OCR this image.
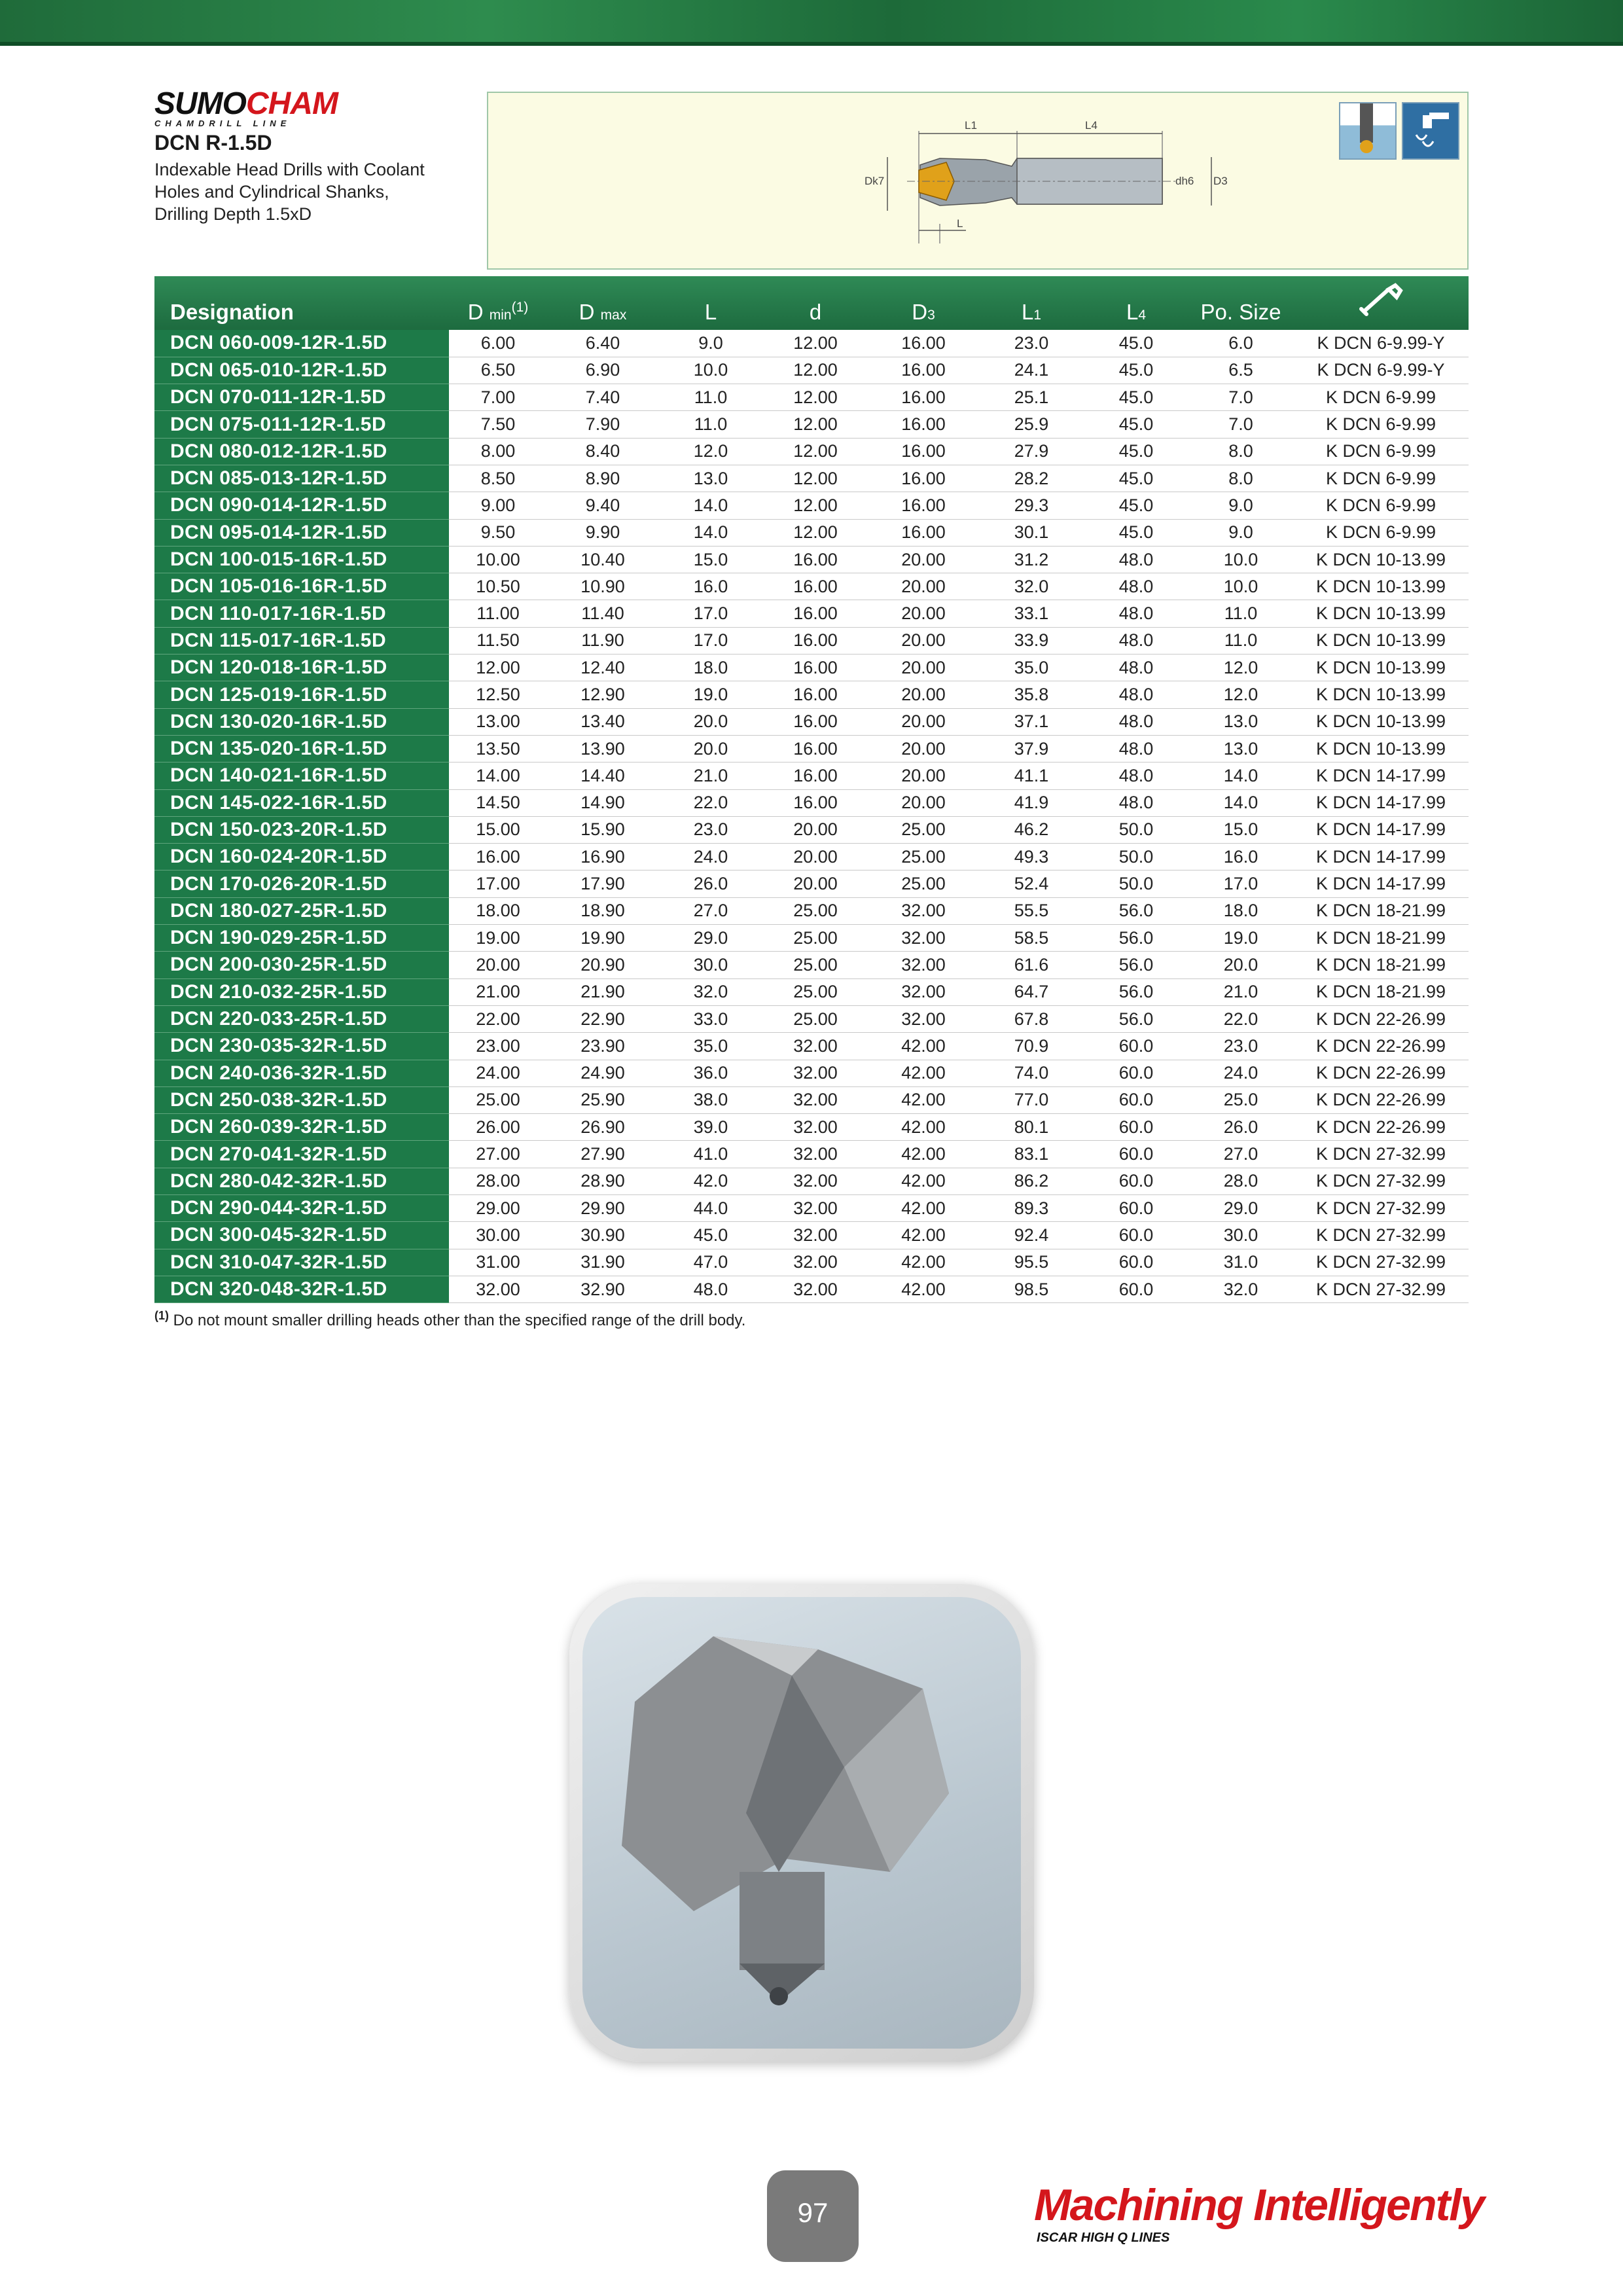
SUMOCHAM
CHAMDRILL LINE
DCN R-1.5D
Indexable Head Drills with Coolant Holes and Cylindrical Shanks, Drilling Depth 1.5xD
L1	L4
L
Dk7	dh6 D3
Designation	D $\min^{(1)}$	D max	L	d	D3	L1	L4	Po. Size	
DCN 060-009-12R-1.5D	6.00	6.40	9.0	12.00	16.00	23.0	45.0	6.0	K DCN 6-9.99-Y
DCN 065-010-12R-1.5D	6.50	6.90	10.0	12.00	16.00	24.1	45.0	6.5	K DCN 6-9.99-Y
DCN 070-011-12R-1.5D	7.00	7.40	11.0	12.00	16.00	25.1	45.0	7.0	K DCN 6-9.99
DCN 075-011-12R-1.5D	7.50	7.90	11.0	12.00	16.00	25.9	45.0	7.0	K DCN 6-9.99
DCN 080-012-12R-1.5D	8.00	8.40	12.0	12.00	16.00	27.9	45.0	8.0	K DCN 6-9.99
DCN 085-013-12R-1.5D	8.50	8.90	13.0	12.00	16.00	28.2	45.0	8.0	K DCN 6-9.99
DCN 090-014-12R-1.5D	9.00	9.40	14.0	12.00	16.00	29.3	45.0	9.0	K DCN 6-9.99
DCN 095-014-12R-1.5D	9.50	9.90	14.0	12.00	16.00	30.1	45.0	9.0	K DCN 6-9.99
DCN 100-015-16R-1.5D	10.00	10.40	15.0	16.00	20.00	31.2	48.0	10.0	K DCN 10-13.99
DCN 105-016-16R-1.5D	10.50	10.90	16.0	16.00	20.00	32.0	48.0	10.0	K DCN 10-13.99
DCN 110-017-16R-1.5D	11.00	11.40	17.0	16.00	20.00	33.1	48.0	11.0	K DCN 10-13.99
DCN 115-017-16R-1.5D	11.50	11.90	17.0	16.00	20.00	33.9	48.0	11.0	K DCN 10-13.99
DCN 120-018-16R-1.5D	12.00	12.40	18.0	16.00	20.00	35.0	48.0	12.0	K DCN 10-13.99
DCN 125-019-16R-1.5D	12.50	12.90	19.0	16.00	20.00	35.8	48.0	12.0	K DCN 10-13.99
DCN 130-020-16R-1.5D	13.00	13.40	20.0	16.00	20.00	37.1	48.0	13.0	K DCN 10-13.99
DCN 135-020-16R-1.5D	13.50	13.90	20.0	16.00	20.00	37.9	48.0	13.0	K DCN 10-13.99
DCN 140-021-16R-1.5D	14.00	14.40	21.0	16.00	20.00	41.1	48.0	14.0	K DCN 14-17.99
DCN 145-022-16R-1.5D	14.50	14.90	22.0	16.00	20.00	41.9	48.0	14.0	K DCN 14-17.99
DCN 150-023-20R-1.5D	15.00	15.90	23.0	20.00	25.00	46.2	50.0	15.0	K DCN 14-17.99
DCN 160-024-20R-1.5D	16.00	16.90	24.0	20.00	25.00	49.3	50.0	16.0	K DCN 14-17.99
DCN 170-026-20R-1.5D	17.00	17.90	26.0	20.00	25.00	52.4	50.0	17.0	K DCN 14-17.99
DCN 180-027-25R-1.5D	18.00	18.90	27.0	25.00	32.00	55.5	56.0	18.0	K DCN 18-21.99
DCN 190-029-25R-1.5D	19.00	19.90	29.0	25.00	32.00	58.5	56.0	19.0	K DCN 18-21.99
DCN 200-030-25R-1.5D	20.00	20.90	30.0	25.00	32.00	61.6	56.0	20.0	K DCN 18-21.99
DCN 210-032-25R-1.5D	21.00	21.90	32.0	25.00	32.00	64.7	56.0	21.0	K DCN 18-21.99
DCN 220-033-25R-1.5D	22.00	22.90	33.0	25.00	32.00	67.8	56.0	22.0	K DCN 22-26.99
DCN 230-035-32R-1.5D	23.00	23.90	35.0	32.00	42.00	70.9	60.0	23.0	K DCN 22-26.99
DCN 240-036-32R-1.5D	24.00	24.90	36.0	32.00	42.00	74.0	60.0	24.0	K DCN 22-26.99
DCN 250-038-32R-1.5D	25.00	25.90	38.0	32.00	42.00	77.0	60.0	25.0	K DCN 22-26.99
DCN 260-039-32R-1.5D	26.00	26.90	39.0	32.00	42.00	80.1	60.0	26.0	K DCN 22-26.99
DCN 270-041-32R-1.5D	27.00	27.90	41.0	32.00	42.00	83.1	60.0	27.0	K DCN 27-32.99
DCN 280-042-32R-1.5D	28.00	28.90	42.0	32.00	42.00	86.2	60.0	28.0	K DCN 27-32.99
DCN 290-044-32R-1.5D	29.00	29.90	44.0	32.00	42.00	89.3	60.0	29.0	K DCN 27-32.99
DCN 300-045-32R-1.5D	30.00	30.90	45.0	32.00	42.00	92.4	60.0	30.0	K DCN 27-32.99
DCN 310-047-32R-1.5D	31.00	31.90	47.0	32.00	42.00	95.5	60.0	31.0	K DCN 27-32.99
DCN 320-048-32R-1.5D	32.00	32.90	48.0	32.00	42.00	98.5	60.0	32.0	K DCN 27-32.99
$^{(1)}$ Do not mount smaller drilling heads other than the specified range of the drill body.
97	Machining Intelligently
ISCAR HIGH Q LINES
